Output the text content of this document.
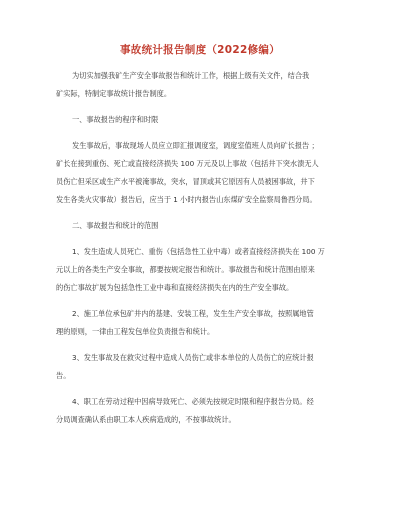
事故统计报告制度（2022修编）
为切实加强我矿生产安全事故报告和统计工作，根据上级有关文件，结合我
矿实际，特制定事故统计报告制度。
一、事故报告的程序和时限
发生事故后，事故现场人员应立即汇报调度室，调度室值班人员向矿长报告 ；
矿长在接到重伤、死亡或直接经济损失 100 万元及以上事故（包括井下突水溃无人
员伤亡但采区或生产水平被淹事故，突水，冒顶或其它原因有人员被困事故，井下
发生各类火灾事故）报告后，应当于 1 小时内报告山东煤矿安全监察局鲁西分局。
二、事故报告和统计的范围
1、发生造成人员死亡、重伤（包括急性工业中毒）或者直接经济损失在 100 万
元以上的各类生产安全事故，都要按规定报告和统计。事故报告和统计范围由原来
的伤亡事故扩展为包括急性工业中毒和直接经济损失在内的生产安全事故。
2、施工单位承包矿井内的基建、安装工程，发生生产安全事故，按照属地管
理的原则，一律由工程发包单位负责报告和统计。
3、发生事故及在救灾过程中造成人员伤亡或非本单位的人员伤亡的应统计报
告。
4、职工在劳动过程中因病导致死亡、必须先按规定时限和程序报告分局。经
分局调查确认系由职工本人疾病造成的，不按事故统计。
